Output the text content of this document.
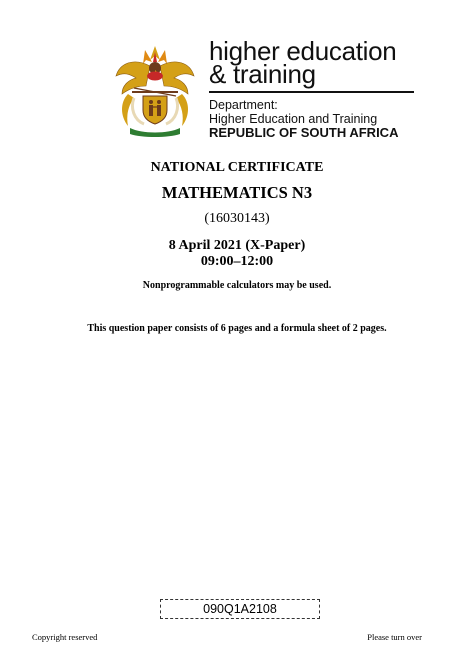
higher education
& training
Department:
Higher Education and Training
REPUBLIC OF SOUTH AFRICA
NATIONAL CERTIFICATE
MATHEMATICS N3
(16030143)
8 April 2021 (X-Paper)
09:00–12:00
Nonprogrammable calculators may be used.
This question paper consists of 6 pages and a formula sheet of 2 pages.
090Q1A2108
Copyright reserved	Please turn over
